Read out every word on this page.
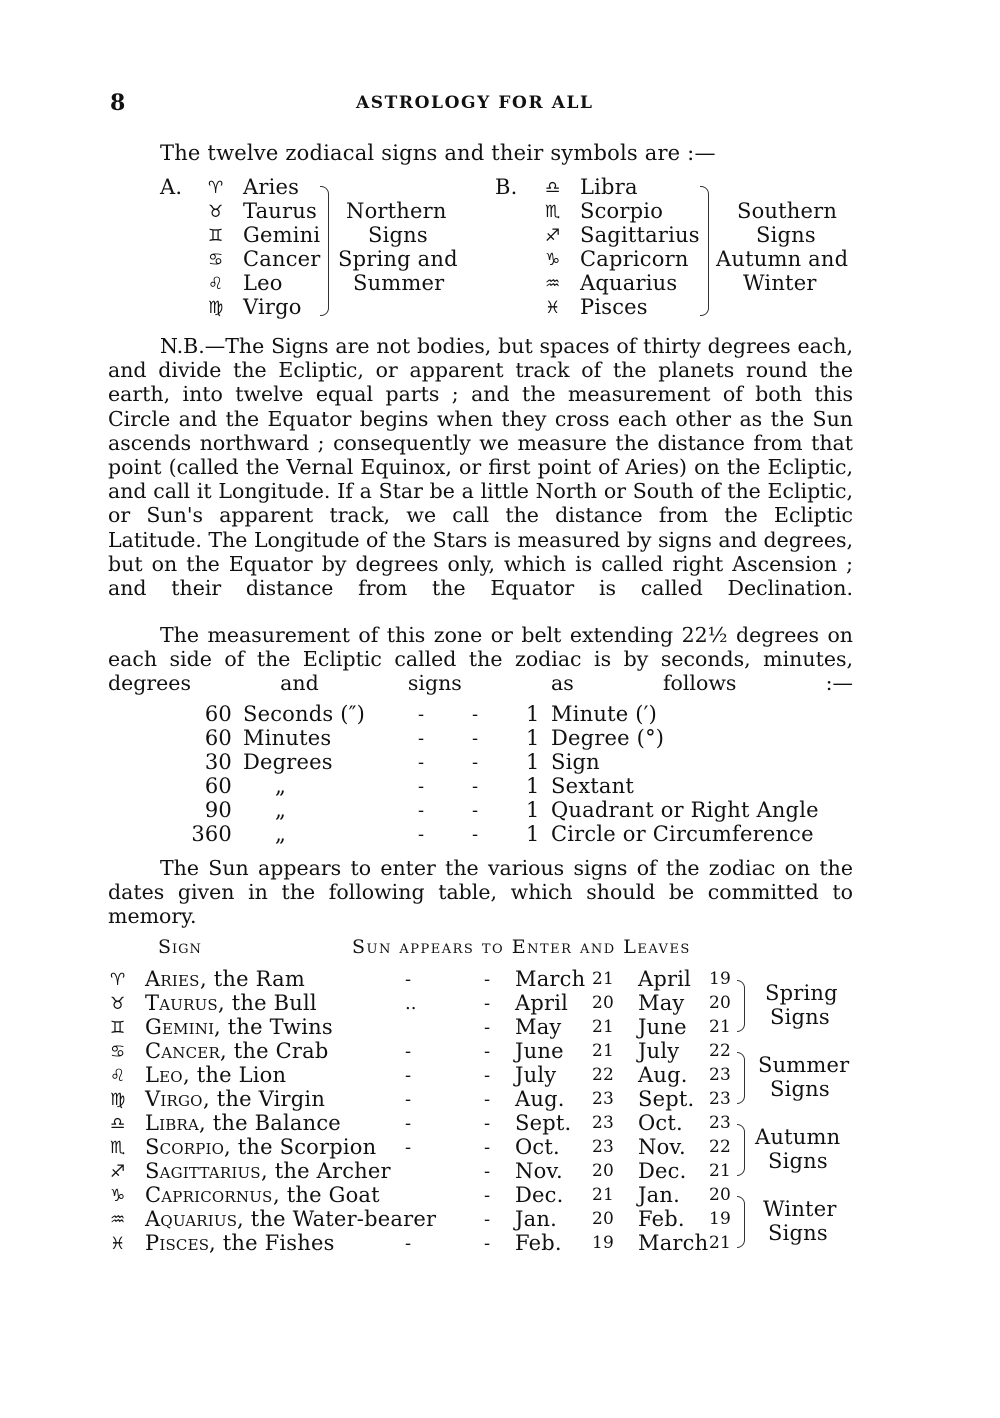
8	ASTROLOGY FOR ALL
The twelve zodiacal signs and their symbols are :—
A. ♈ Aries
♉ Taurus
♊ Gemini
♋ Cancer
♌ Leo
♍ Virgo
Northern
Signs
Spring and
Summer
B. ♎ Libra
♏ Scorpio
♐ Sagittarius
♑ Capricorn
♒ Aquarius
♓ Pisces
Southern
Signs
Autumn and
Winter
N.B.—The Signs are not bodies, but spaces of thirty degrees each, and divide the Ecliptic, or apparent track of the planets round the earth, into twelve equal parts ; and the measurement of both this Circle and the Equator begins when they cross each other as the Sun ascends northward ; consequently we measure the distance from that point (called the Vernal Equinox, or first point of Aries) on the Ecliptic, and call it Longitude. If a Star be a little North or South of the Ecliptic, or Sun's apparent track, we call the distance from the Ecliptic Latitude. The Longitude of the Stars is measured by signs and degrees, but on the Equator by degrees only, which is called right Ascension ; and their distance from the Equator is called Declination.
The measurement of this zone or belt extending 22½ degrees on each side of the Ecliptic called the zodiac is by seconds, minutes, degrees and signs as follows :—
60 Seconds (″)	-	- 1 Minute (′)
60 Minutes	-	- 1 Degree (°)
30 Degrees	-	- 1 Sign
60 „	-	- 1 Sextant
90 „	-	- 1 Quadrant or Right Angle
360 „	-	- 1 Circle or Circumference
The Sun appears to enter the various signs of the zodiac on the dates given in the following table, which should be committed to memory.
Sign	Sun appears to Enter and Leaves
♈ Aries , the Ram	-	- March 21 April 19
♉ Taurus , the Bull	..	- April 20 May 20
♊ Gemini , the Twins	- May 21 June 21
♋ Cancer , the Crab	-	- June 21 July 22
♌ Leo , the Lion	-	- July 22 Aug. 23
♍ Virgo , the Virgin	-	- Aug. 23 Sept. 23
♎ Libra , the Balance	-	- Sept. 23 Oct. 23
♏ Scorpio , the Scorpion -	- Oct. 23 Nov. 22
♐ Sagittarius , the Archer	- Nov. 20 Dec. 21
♑ Capricornus , the Goat	- Dec. 21 Jan. 20
♒ Aquarius , the Water-bearer	- Jan. 20 Feb. 19
♓ Pisces , the Fishes	-	- Feb. 19 March 21
Spring
Signs
Summer
Signs
Autumn
Signs
Winter
Signs
